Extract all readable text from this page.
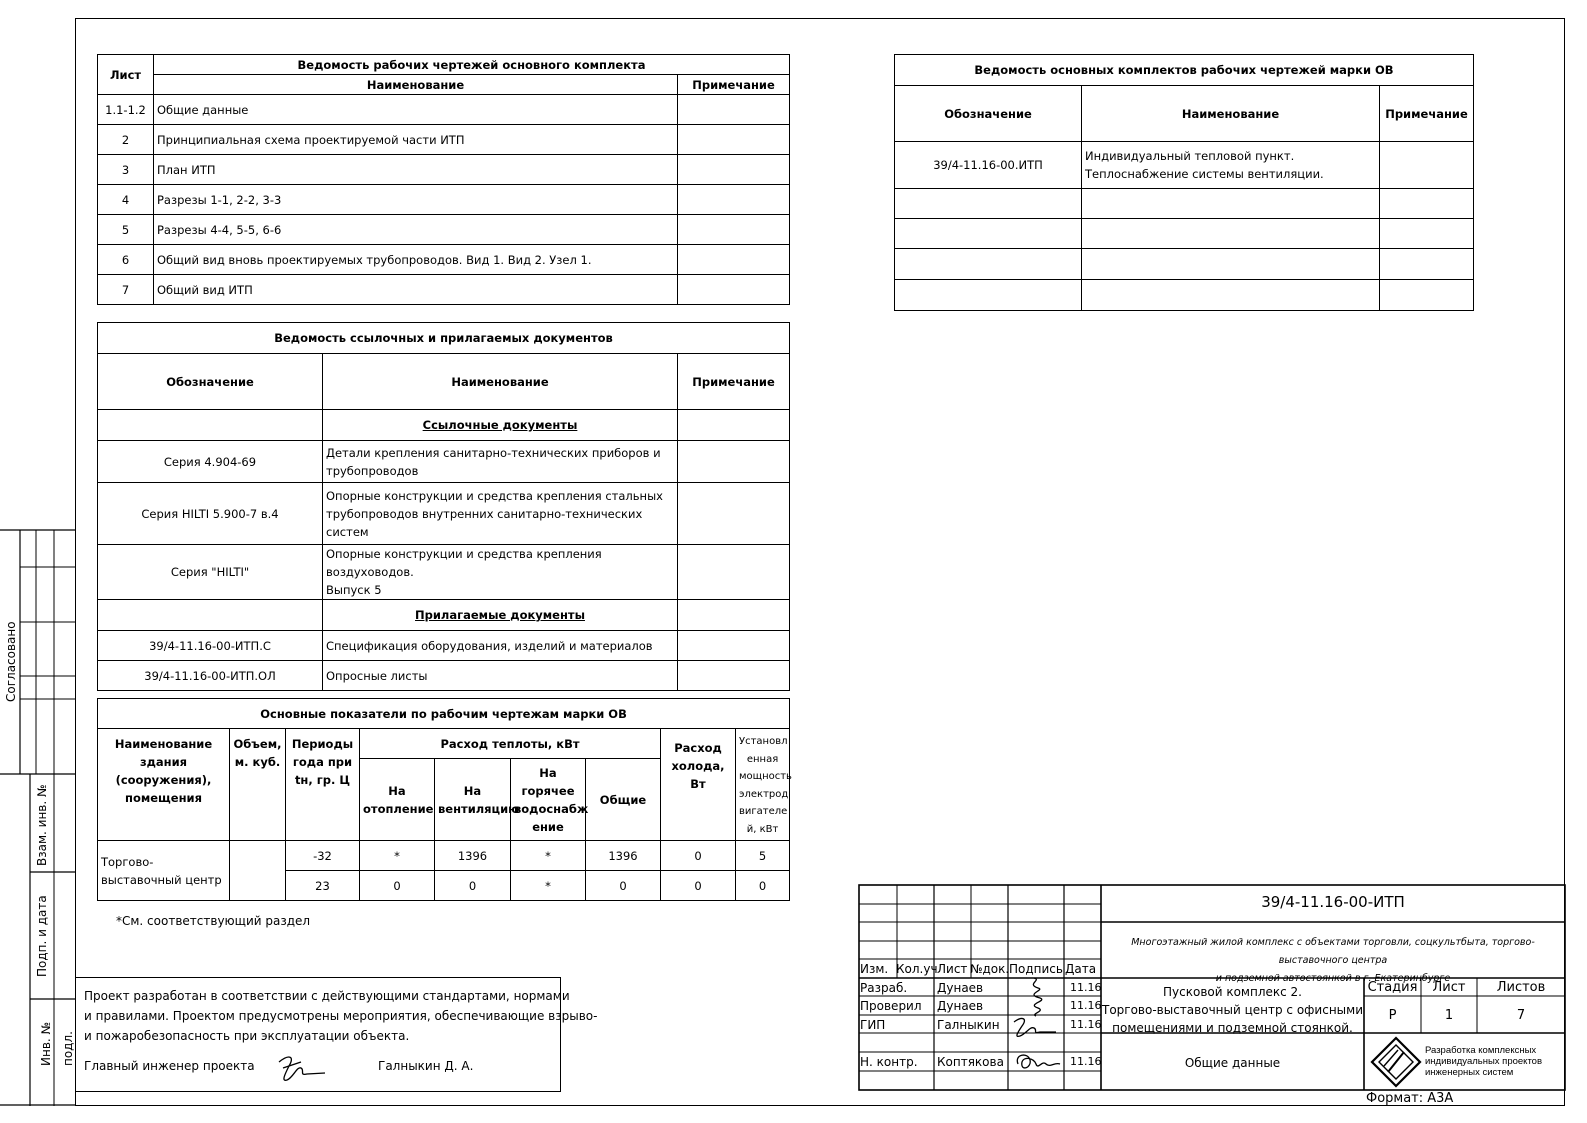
Лист	Ведомость рабочих чертежей основного комплекта	
	Наименование	Примечание
1.1-1.2	Общие данные	
2	Принципиальная схема проектируемой части ИТП	
3	План ИТП	
4	Разрезы 1-1, 2-2, 3-3	
5	Разрезы 4-4, 5-5, 6-6	
6	Общий вид вновь проектируемых трубопроводов. Вид 1. Вид 2. Узел 1.	
7	Общий вид ИТП	
Ведомость ссылочных и прилагаемых документов		
Обозначение	Наименование	Примечание
	Ссылочные документы	
Серия 4.904-69	Детали крепления санитарно-технических приборов и
трубопроводов	

Серия HILTI 5.900-7 в.4	Опорные конструкции и средства крепления стальных
трубопроводов внутренних санитарно-технических
систем	

Серия "HILTI"	Опорные конструкции и средства крепления воздуховодов.
Выпуск 5	

	Прилагаемые документы	
39/4-11.16-00-ИТП.С	Спецификация оборудования, изделий и материалов	
39/4-11.16-00-ИТП.ОЛ	Опросные листы	
Основные показатели по рабочим чертежам марки ОВ								
Наименование здания (сооружения), помещения	Объем, м. куб.	Периоды года при tн, гр. Ц	Расход теплоты, кВт				Расход холода, Вт	Установл енная мощность электрод вигателе й, кВт
			На отопление	На вентиляцию	На горячее водоснабж ение	Общие		
Торгово-выставочный центр		-32	*	1396	*	1396	0	5
		23	0	0	*	0	0	0
*См. соответствующий раздел
Ведомость основных комплектов рабочих чертежей марки ОВ		
Обозначение	Наименование	Примечание
39/4-11.16-00.ИТП	Индивидуальный тепловой пункт.
Теплоснабжение системы вентиляции.	

Проект разработан в соответствии с действующими стандартами, нормами
и правилами. Проектом предусмотрены мероприятия, обеспечивающие взрыво-
и пожаробезопасность при эксплуатации объекта.
Главный инженер проекта	Галныкин Д. А.
Согласовано
Взам. инв. №
Подп. и дата
Инв. № подл.
Изм. Кол.уч Лист №док. Подпись Дата
Разраб. Дунаев	11.16
Проверил Дунаев	11.16
ГИП	Галныкин	11.16
Н. контр. Коптякова	11.16
39/4-11.16-00-ИТП
Многоэтажный жилой комплекс с объектами торговли, соцкультбыта, торгово-выставочного центра
и подземной автостоянкой в г. Екатеринбурге
Пусковой комплекс 2.
Торгово-выставочный центр с офисными
помещениями и подземной стоянкой.
Общие данные
Стадия	Лист	Листов
Р	1	7
Разработка комплексных
индивидуальных проектов
инженерных систем
Формат: А3А
